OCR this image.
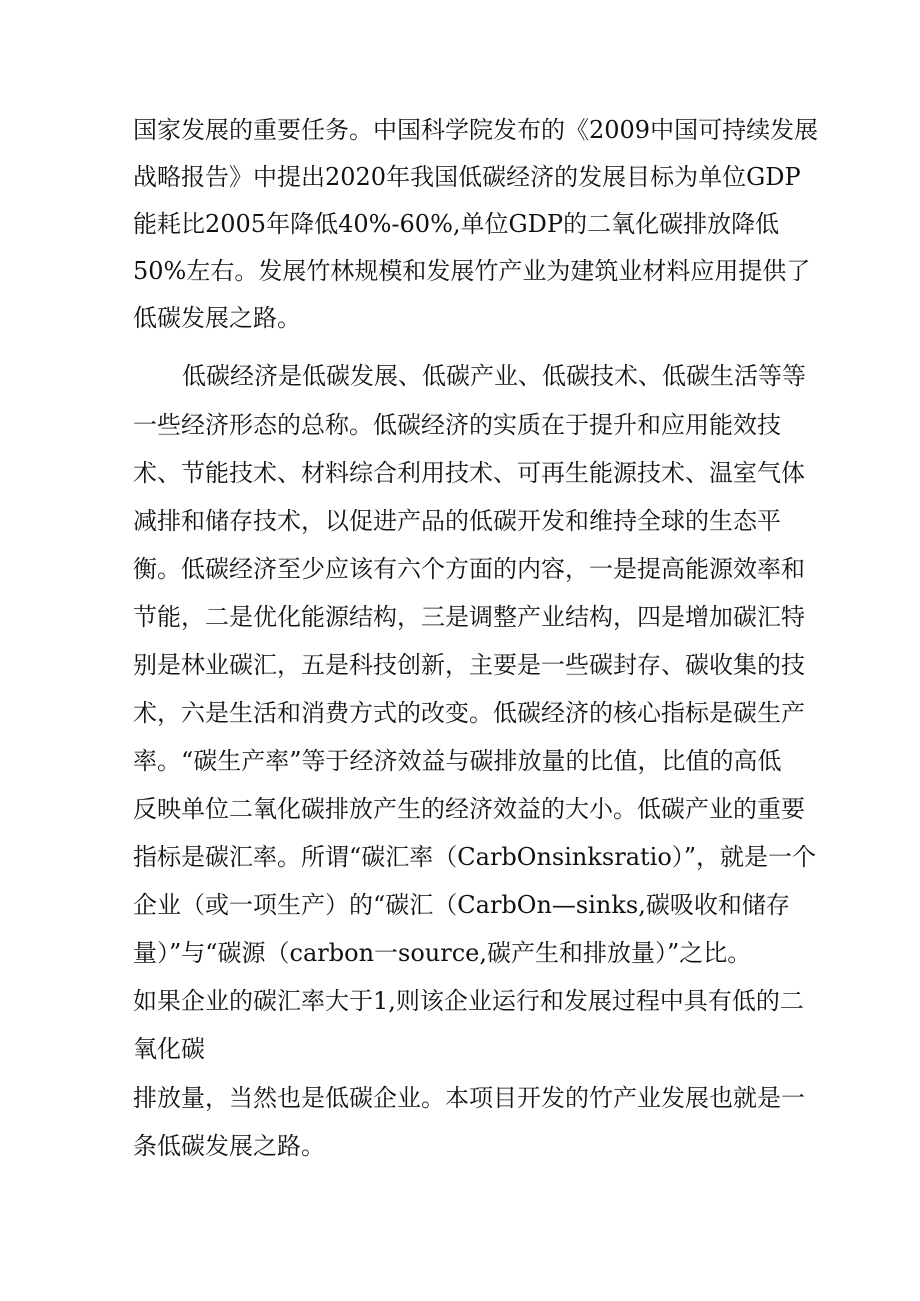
国家发展的重要任务。中国科学院发布的《2009中国可持续发展

战略报告》中提出2020年我国低碳经济的发展目标为单位GDP

能耗比2005年降低40%-60%,单位GDP的二氧化碳排放降低

50%左右。发展竹林规模和发展竹产业为建筑业材料应用提供了

低碳发展之路。

低碳经济是低碳发展、低碳产业、低碳技术、低碳生活等等

一些经济形态的总称。低碳经济的实质在于提升和应用能效技

术、节能技术、材料综合利用技术、可再生能源技术、温室气体

减排和储存技术，以促进产品的低碳开发和维持全球的生态平

衡。低碳经济至少应该有六个方面的内容，一是提高能源效率和

节能，二是优化能源结构，三是调整产业结构，四是增加碳汇特

别是林业碳汇，五是科技创新，主要是一些碳封存、碳收集的技

术，六是生活和消费方式的改变。低碳经济的核心指标是碳生产

率。“碳生产率”等于经济效益与碳排放量的比值，比值的高低

反映单位二氧化碳排放产生的经济效益的大小。低碳产业的重要

指标是碳汇率。所谓“碳汇率（CarbOnsinksratio）”，就是一个

企业（或一项生产）的“碳汇（CarbOn—sinks,碳吸收和储存

量）”与“碳源（carbon一source,碳产生和排放量）”之比。

如果企业的碳汇率大于1,则该企业运行和发展过程中具有低的二

氧化碳

排放量，当然也是低碳企业。本项目开发的竹产业发展也就是一

条低碳发展之路。
